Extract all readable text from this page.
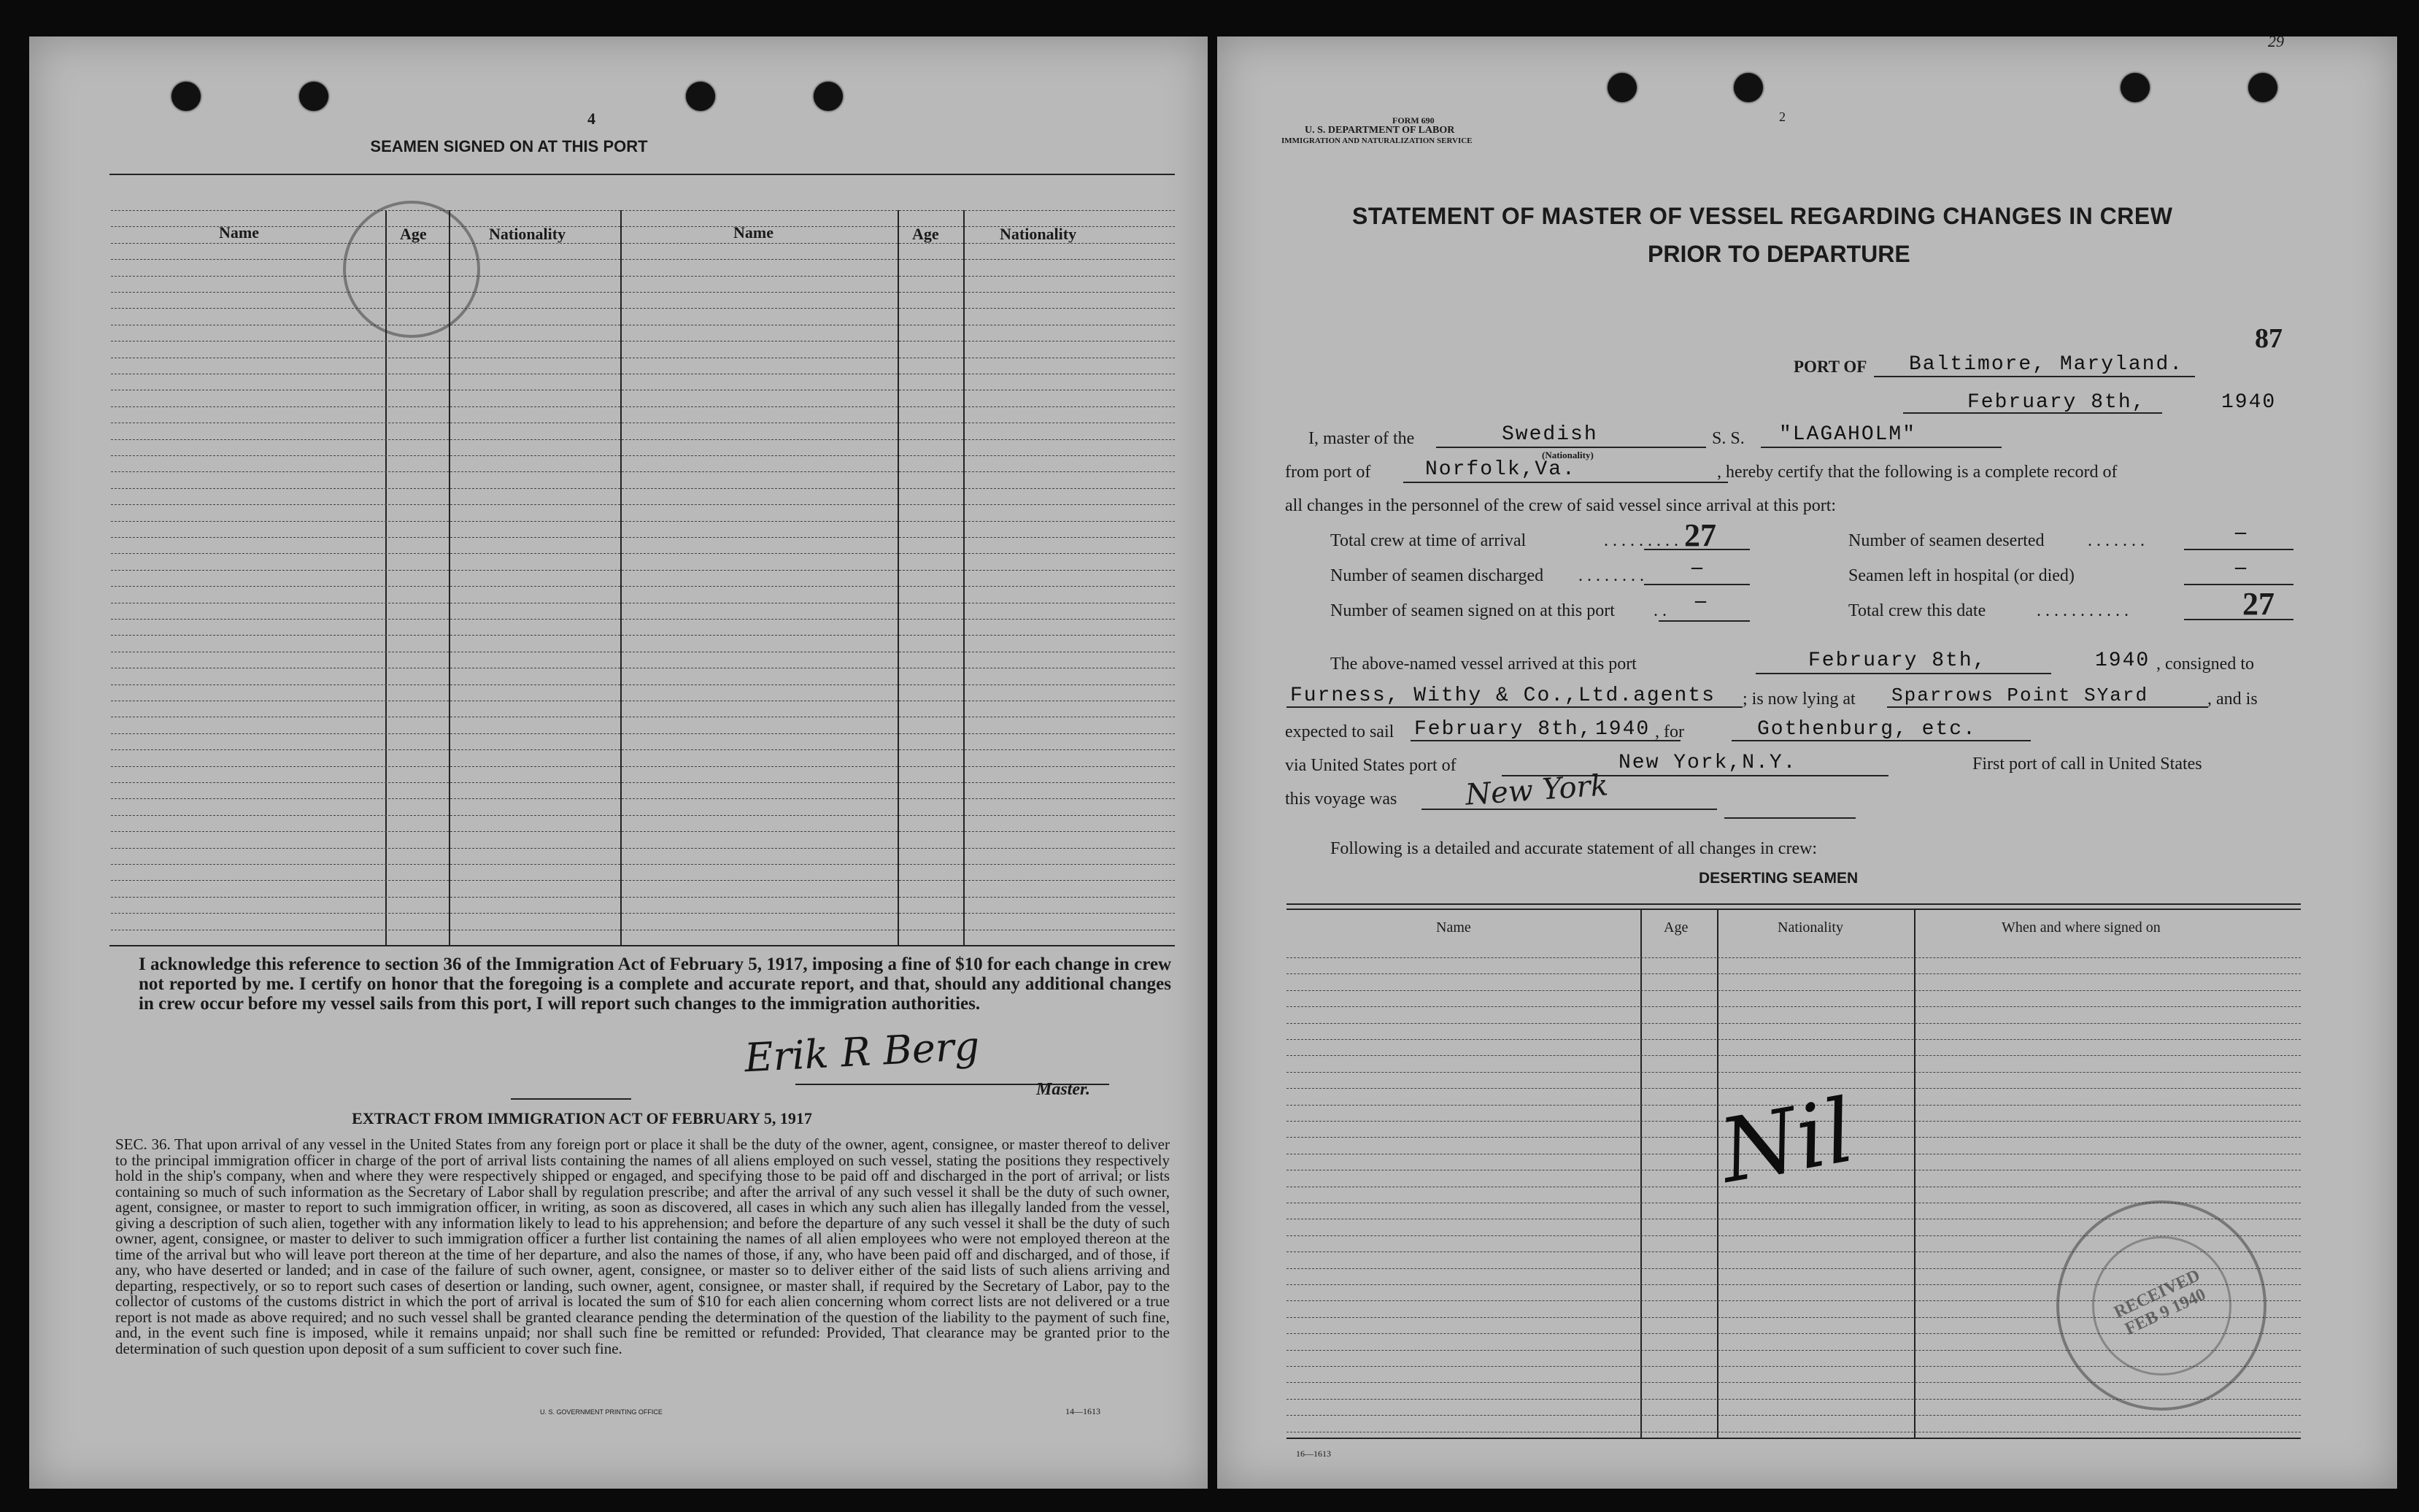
4
SEAMEN SIGNED ON AT THIS PORT
Name	Age	Nationality	Name	Age	Nationality
I acknowledge this reference to section 36 of the Immigration Act of February 5, 1917, imposing a fine of $10 for each change in crew not reported by me. I certify on honor that the foregoing is a complete and accurate report, and that, should any additional changes in crew occur before my vessel sails from this port, I will report such changes to the immigration authorities.
Erik R Berg
Master.
EXTRACT FROM IMMIGRATION ACT OF FEBRUARY 5, 1917
SEC. 36. That upon arrival of any vessel in the United States from any foreign port or place it shall be the duty of the owner, agent, consignee, or master thereof to deliver to the principal immigration officer in charge of the port of arrival lists containing the names of all aliens employed on such vessel, stating the positions they respectively hold in the ship's company, when and where they were respectively shipped or engaged, and specifying those to be paid off and discharged in the port of arrival; or lists containing so much of such information as the Secretary of Labor shall by regulation prescribe; and after the arrival of any such vessel it shall be the duty of such owner, agent, consignee, or master to report to such immigration officer, in writing, as soon as discovered, all cases in which any such alien has illegally landed from the vessel, giving a description of such alien, together with any information likely to lead to his apprehension; and before the departure of any such vessel it shall be the duty of such owner, agent, consignee, or master to deliver to such immigration officer a further list containing the names of all alien employees who were not employed thereon at the time of the arrival but who will leave port thereon at the time of her departure, and also the names of those, if any, who have been paid off and discharged, and of those, if any, who have deserted or landed; and in case of the failure of such owner, agent, consignee, or master so to deliver either of the said lists of such aliens arriving and departing, respectively, or so to report such cases of desertion or landing, such owner, agent, consignee, or master shall, if required by the Secretary of Labor, pay to the collector of customs of the customs district in which the port of arrival is located the sum of $10 for each alien concerning whom correct lists are not delivered or a true report is not made as above required; and no such vessel shall be granted clearance pending the determination of the question of the liability to the payment of such fine, and, in the event such fine is imposed, while it remains unpaid; nor shall such fine be remitted or refunded: Provided, That clearance may be granted prior to the determination of such question upon deposit of a sum sufficient to cover such fine.
U. S. GOVERNMENT PRINTING OFFICE	14—1613
29
2
FORM 690
U. S. DEPARTMENT OF LABOR
IMMIGRATION AND NATURALIZATION SERVICE
STATEMENT OF MASTER OF VESSEL REGARDING CHANGES IN CREW
PRIOR TO DEPARTURE
87
PORT OF Baltimore, Maryland.
February 8th,	1940
I, master of the	Swedish
(Nationality)
S. S. "LAGAHOLM"
from port of	Norfolk,Va.	, hereby certify that the following is a complete record of
all changes in the personnel of the crew of said vessel since arrival at this port:
Total crew at time of arrival	......... 27	Number of seamen deserted .......	–
Number of seamen discharged ........ –	Seamen left in hospital (or died)	–
Number of seamen signed on at this port .. –	Total crew this date	...........	27
The above-named vessel arrived at this port	February 8th,	1940 , consigned to
Furness, Withy & Co.,Ltd.agents ; is now lying at Sparrows Point SYard	, and is
expected to sail February 8th, 1940 , for	Gothenburg, etc.
via United States port of	New York,N.Y.	First port of call in United States
this voyage was New York
Following is a detailed and accurate statement of all changes in crew:
DESERTING SEAMEN
Name	Age	Nationality	When and where signed on
Nil
RECEIVED FEB 9 1940
16—1613
